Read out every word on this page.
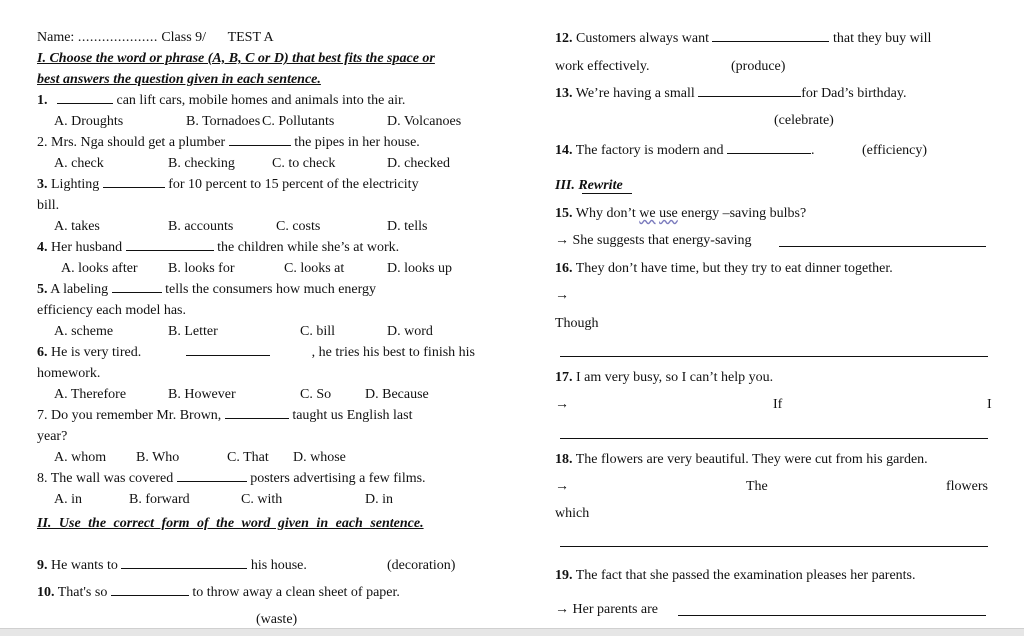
Name: .................... Class 9/ TEST A
I. Choose the word or phrase (A, B, C or D) that best fits the space or
best answers the question given in each sentence.
1.	can lift cars, mobile homes and animals into the air.
A. Droughts	B. Tornadoes C. Pollutants	D. Volcanoes
2. Mrs. Nga should get a plumber	the pipes in her house.
A. check	B. checking	C. to check	D. checked
3. Lighting	for 10 percent to 15 percent of the electricity
bill.
A. takes	B. accounts	C. costs	D. tells
4. Her husband	the children while she’s at work.
A. looks after B. looks for	C. looks at	D. looks up
5. A labeling	tells the consumers how much energy
efficiency each model has.
A. scheme	B. Letter	C. bill	D. word
6. He is very tired.	, he tries his best to finish his
homework.
A. Therefore	B. However	C. So D. Because
7. Do you remember Mr. Brown,	taught us English last
year?
A. whom B. Who	C. That D. whose
8. The wall was covered	posters advertising a few films.
A. in	B. forward	C. with	D. in
II. Use the correct form of the word given in each sentence.
9. He wants to	his house.	(decoration)
10. That's so	to throw away a clean sheet of paper.
(waste)
12. Customers always want	that they buy will
work effectively.	(produce)
13. We’re having a small	for Dad’s birthday.
(celebrate)
14. The factory is modern and	.	(efficiency)
III. Rewrite
15. Why don’t we use energy –saving bulbs?
→ She suggests that energy-saving
16. They don’t have time, but they try to eat dinner together.
→
Though
17. I am very busy, so I can’t help you.
→	If	I
18. The flowers are very beautiful. They were cut from his garden.
→	The	flowers
which
19. The fact that she passed the examination pleases her parents.
→ Her parents are
